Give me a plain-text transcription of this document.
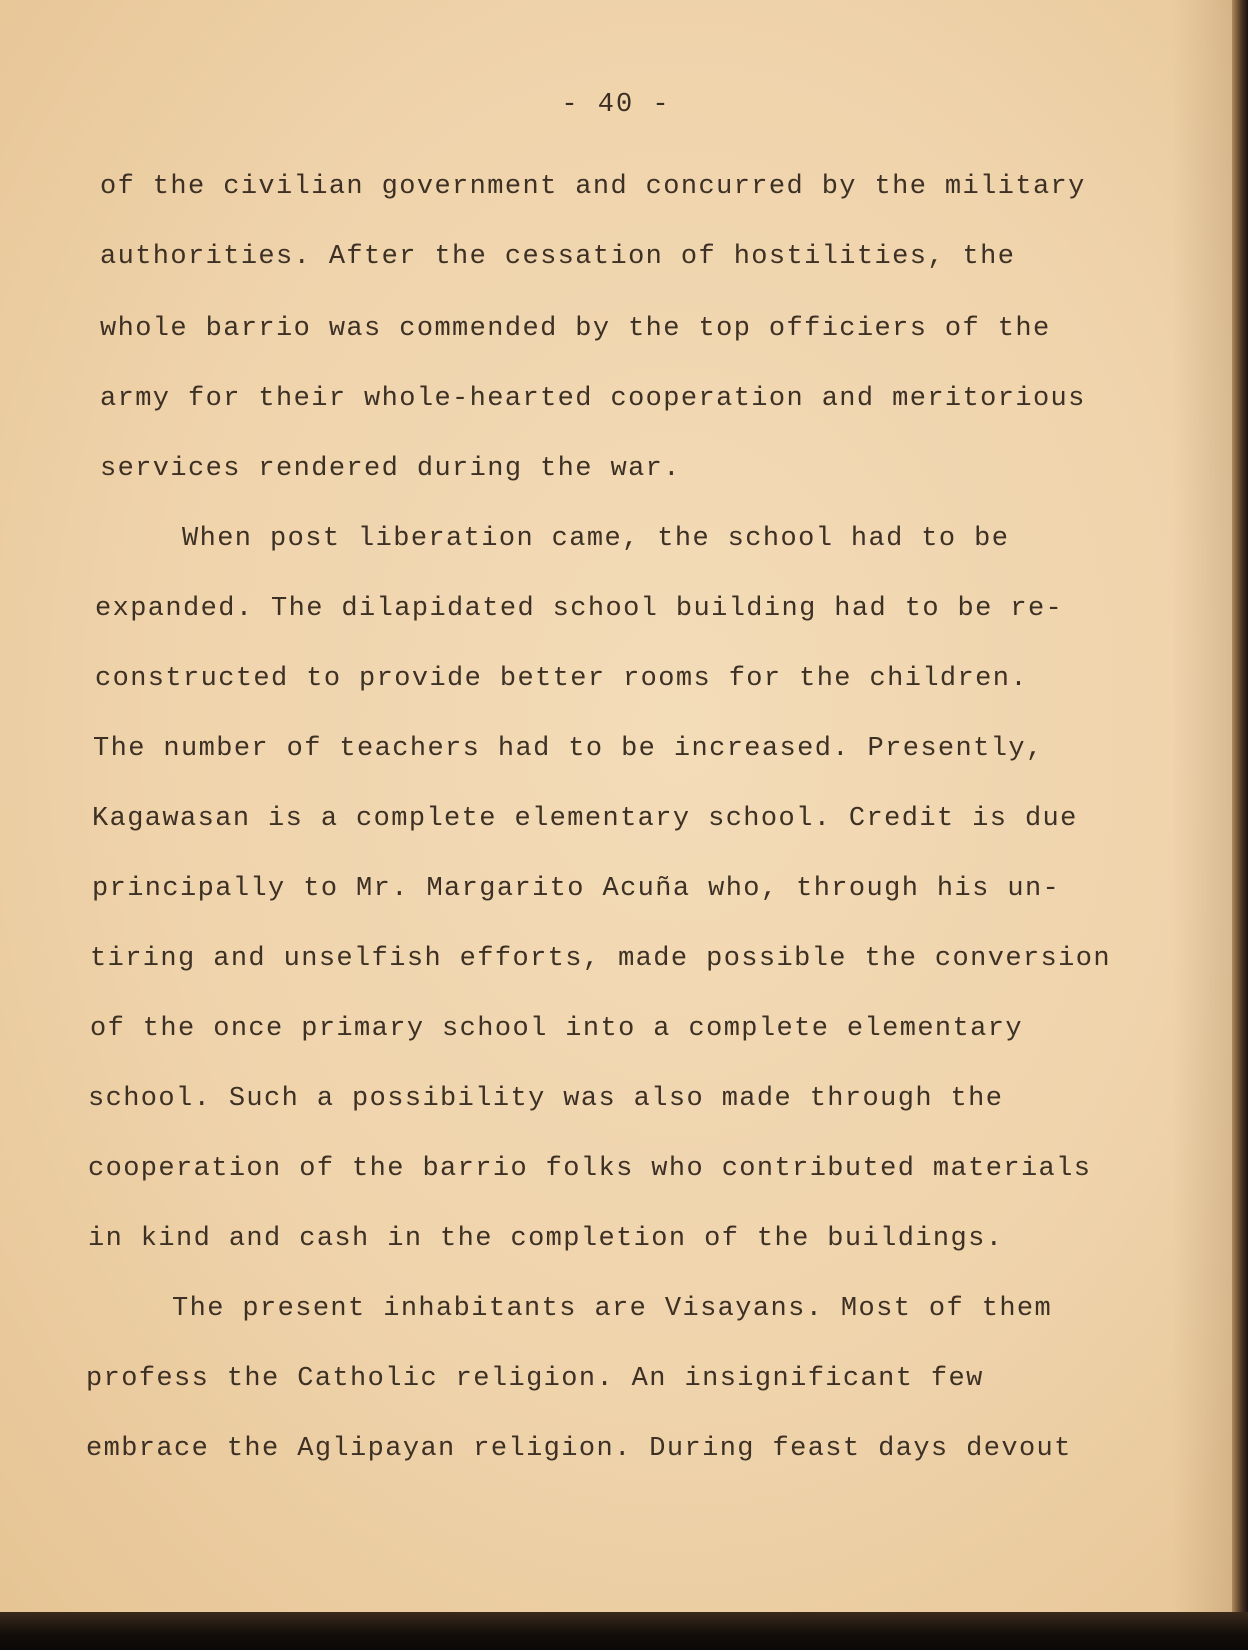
- 40 -
of the civilian government and concurred by the military
authorities. After the cessation of hostilities, the
whole barrio was commended by the top officiers of the
army for their whole-hearted cooperation and meritorious
services rendered during the war.
When post liberation came, the school had to be
expanded. The dilapidated school building had to be re-
constructed to provide better rooms for the children.
The number of teachers had to be increased. Presently,
Kagawasan is a complete elementary school. Credit is due
principally to Mr. Margarito Acuña who, through his un-
tiring and unselfish efforts, made possible the conversion
of the once primary school into a complete elementary
school. Such a possibility was also made through the
cooperation of the barrio folks who contributed materials
in kind and cash in the completion of the buildings.
The present inhabitants are Visayans. Most of them
profess the Catholic religion. An insignificant few
embrace the Aglipayan religion. During feast days devout
